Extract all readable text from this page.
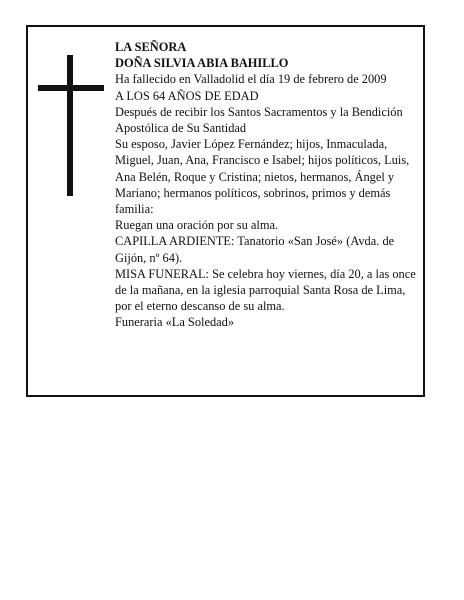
LA SEÑORA

DOÑA SILVIA ABIA BAHILLO

Ha fallecido en Valladolid el día 19 de febrero de 2009

A LOS 64 AÑOS DE EDAD

Después de recibir los Santos Sacramentos y la Bendición Apostólica de Su Santidad

Su esposo, Javier López Fernández; hijos, Inmaculada, Miguel, Juan, Ana, Francisco e Isabel; hijos políticos, Luis, Ana Belén, Roque y Cristina; nietos, hermanos, Ángel y Mariano; hermanos políticos, sobrinos, primos y demás familia:

Ruegan una oración por su alma.

CAPILLA ARDIENTE: Tanatorio «San José» (Avda. de Gijón, nº 64).

MISA FUNERAL: Se celebra hoy viernes, día 20, a las once de la mañana, en la iglesia parroquial Santa Rosa de Lima, por el eterno descanso de su alma.

Funeraria «La Soledad»
